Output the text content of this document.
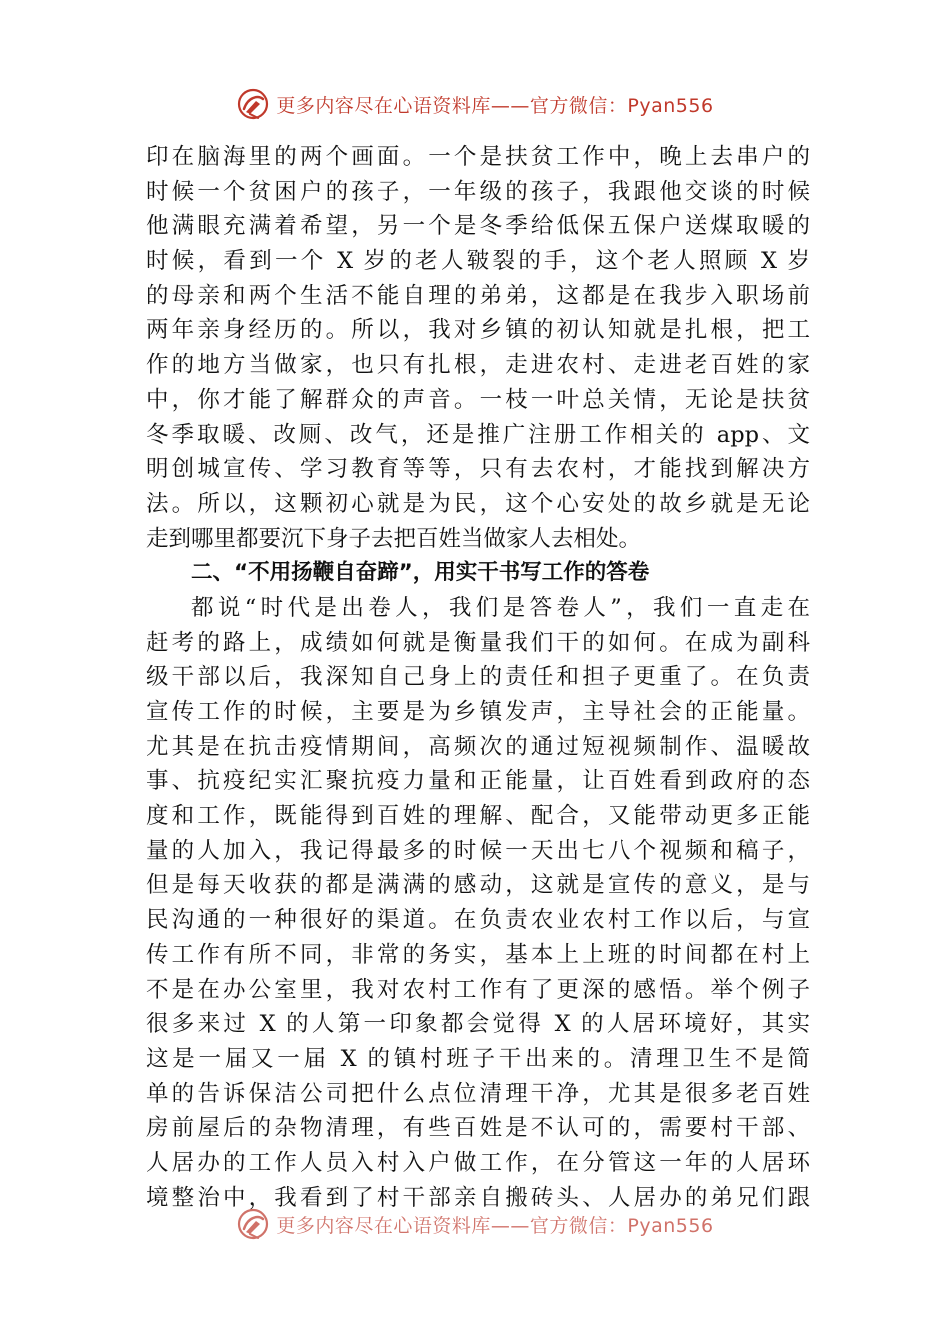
更多内容尽在心语资料库——官方微信：Pyan556
印在脑海里的两个画面。一个是扶贫工作中，晚上去串户的
时候一个贫困户的孩子，一年级的孩子，我跟他交谈的时候
他满眼充满着希望，另一个是冬季给低保五保户送煤取暖的
时候，看到一个 X 岁的老人皲裂的手，这个老人照顾 X 岁
的母亲和两个生活不能自理的弟弟，这都是在我步入职场前
两年亲身经历的。所以，我对乡镇的初认知就是扎根，把工
作的地方当做家，也只有扎根，走进农村、走进老百姓的家
中，你才能了解群众的声音。一枝一叶总关情，无论是扶贫
冬季取暖、改厕、改气，还是推广注册工作相关的 app、文
明创城宣传、学习教育等等，只有去农村，才能找到解决方
法。所以，这颗初心就是为民，这个心安处的故乡就是无论
走到哪里都要沉下身子去把百姓当做家人去相处。
二、“不用扬鞭自奋蹄”，用实干书写工作的答卷
都说“时代是出卷人，我们是答卷人”，我们一直走在
赶考的路上，成绩如何就是衡量我们干的如何。在成为副科
级干部以后，我深知自己身上的责任和担子更重了。在负责
宣传工作的时候，主要是为乡镇发声，主导社会的正能量。
尤其是在抗击疫情期间，高频次的通过短视频制作、温暖故
事、抗疫纪实汇聚抗疫力量和正能量，让百姓看到政府的态
度和工作，既能得到百姓的理解、配合，又能带动更多正能
量的人加入，我记得最多的时候一天出七八个视频和稿子，
但是每天收获的都是满满的感动，这就是宣传的意义，是与
民沟通的一种很好的渠道。在负责农业农村工作以后，与宣
传工作有所不同，非常的务实，基本上上班的时间都在村上
不是在办公室里，我对农村工作有了更深的感悟。举个例子
很多来过 X 的人第一印象都会觉得 X 的人居环境好，其实
这是一届又一届 X 的镇村班子干出来的。清理卫生不是简
单的告诉保洁公司把什么点位清理干净，尤其是很多老百姓
房前屋后的杂物清理，有些百姓是不认可的，需要村干部、
人居办的工作人员入村入户做工作，在分管这一年的人居环
境整治中，我看到了村干部亲自搬砖头、人居办的弟兄们跟
更多内容尽在心语资料库——官方微信：Pyan556
